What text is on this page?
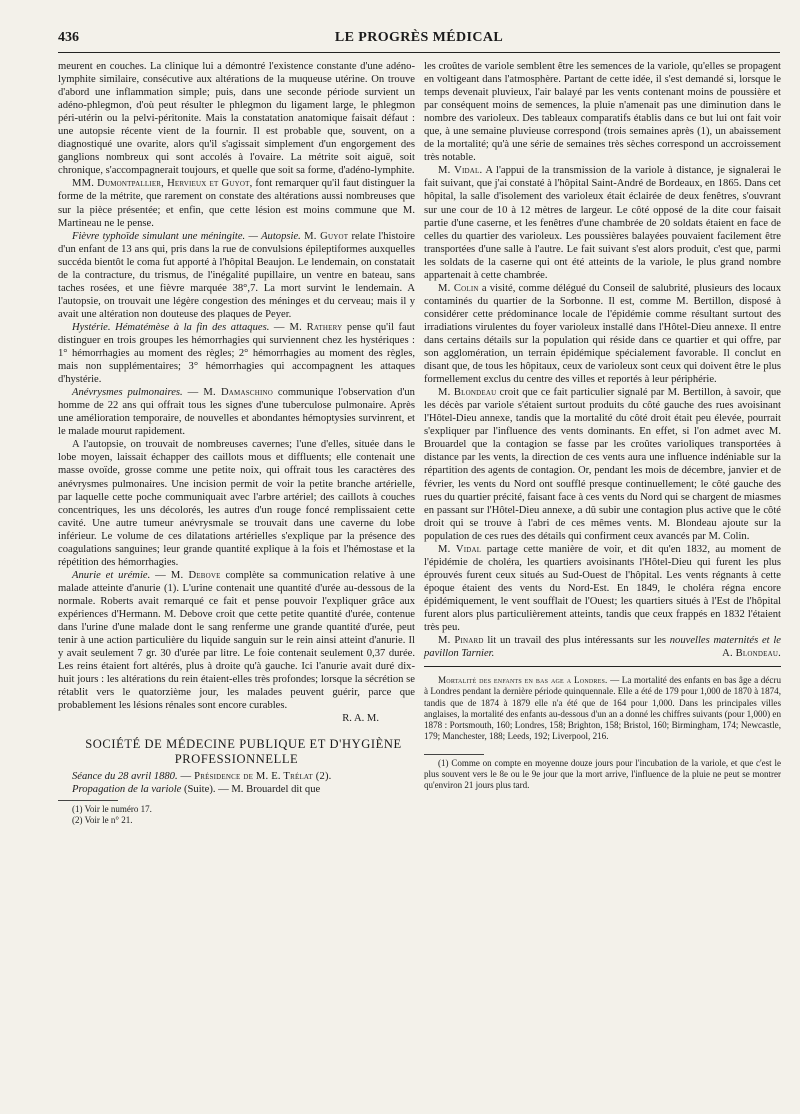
436	LE PROGRÈS MÉDICAL

meurent en couches. La clinique lui a démontré l'existence constante d'une adéno-lymphite similaire, consécutive aux altérations de la muqueuse utérine. On trouve d'abord une inflammation simple; puis, dans une seconde période survient un adéno-phlegmon, d'où peut résulter le phlegmon du ligament large, le phlegmon péri-utérin ou la pelvi-péritonite. Mais la constatation anatomique faisait défaut : une autopsie récente vient de la fournir. Il est probable que, souvent, on a diagnostiqué une ovarite, alors qu'il s'agissait simplement d'un engorgement des ganglions nombreux qui sont accolés à l'ovaire. La métrite soit aiguë, soit chronique, s'accompagnerait toujours, et quelle que soit sa forme, d'adéno-lymphite.

MM. Dumontpallier, Hervieux et Guyot, font remarquer qu'il faut distinguer la forme de la métrite, que rarement on constate des altérations aussi nombreuses que sur la pièce présentée; et enfin, que cette lésion est moins commune que M. Martineau ne le pense.

Fièvre typhoïde simulant une méningite. — Autopsie. M. Guyot relate l'histoire d'un enfant de 13 ans qui, pris dans la rue de convulsions épileptiformes auxquelles succéda bientôt le coma fut apporté à l'hôpital Beaujon. Le lendemain, on constatait de la contracture, du trismus, de l'inégalité pupillaire, un ventre en bateau, sans taches rosées, et une fièvre marquée 38°,7. La mort survint le lendemain. A l'autopsie, on trouvait une légère congestion des méninges et du cerveau; mais il y avait une altération non douteuse des plaques de Peyer.

Hystérie. Hématémèse à la fin des attaques. — M. Rathery pense qu'il faut distinguer en trois groupes les hémorrhagies qui surviennent chez les hystériques : 1° hémorrhagies au moment des règles; 2° hémorrhagies au moment des règles, mais non supplémentaires; 3° hémorrhagies qui accompagnent les attaques d'hystérie.

Anévrysmes pulmonaires. — M. Damaschino communique l'observation d'un homme de 22 ans qui offrait tous les signes d'une tuberculose pulmonaire. Après une amélioration temporaire, de nouvelles et abondantes hémoptysies survinrent, et le malade mourut rapidement.

A l'autopsie, on trouvait de nombreuses cavernes; l'une d'elles, située dans le lobe moyen, laissait échapper des caillots mous et diffluents; elle contenait une masse ovoïde, grosse comme une petite noix, qui offrait tous les caractères des anévrysmes pulmonaires. Une incision permit de voir la petite branche artérielle, par laquelle cette poche communiquait avec l'arbre artériel; des caillots à couches concentriques, les uns décolorés, les autres d'un rouge foncé remplissaient cette cavité. Une autre tumeur anévrysmale se trouvait dans une caverne du lobe inférieur. Le volume de ces dilatations artérielles s'explique par la présence des coagulations sanguines; leur grande quantité explique à la fois et l'hémostase et la répétition des hémorrhagies.

Anurie et urémie. — M. Debove complète sa communication relative à une malade atteinte d'anurie (1). L'urine contenait une quantité d'urée au-dessous de la normale. Roberts avait remarqué ce fait et pense pouvoir l'expliquer grâce aux expériences d'Hermann. M. Debove croit que cette petite quantité d'urée, contenue dans l'urine d'une malade dont le sang renferme une grande quantité d'urée, peut tenir à une action particulière du liquide sanguin sur le rein ainsi atteint d'anurie. Il y avait seulement 7 gr. 30 d'urée par litre. Le foie contenait seulement 0,37 durée. Les reins étaient fort altérés, plus à droite qu'à gauche. Ici l'anurie avait duré dix-huit jours : les altérations du rein étaient-elles très profondes; lorsque la sécrétion se rétablit vers le quatorzième jour, les malades peuvent guérir, parce que probablement les lésions rénales sont encore curables.

R. A. M.

SOCIÉTÉ DE MÉDECINE PUBLIQUE ET D'HYGIÈNE PROFESSIONNELLE

Séance du 28 avril 1880. — Présidence de M. E. Trélat (2).

Propagation de la variole (Suite). — M. Brouardel dit que

(1) Voir le numéro 17.

(2) Voir le n° 21.

les croûtes de variole semblent être les semences de la variole, qu'elles se propagent en voltigeant dans l'atmosphère. Partant de cette idée, il s'est demandé si, lorsque le temps devenait pluvieux, l'air balayé par les vents contenant moins de poussière et par conséquent moins de semences, la pluie n'amenait pas une diminution dans le nombre des varioleux. Des tableaux comparatifs établis dans ce but lui ont fait voir que, à une semaine pluvieuse correspond (trois semaines après (1), un abaissement de la mortalité; qu'à une série de semaines très sèches correspond un accroissement très notable.

M. Vidal. A l'appui de la transmission de la variole à distance, je signalerai le fait suivant, que j'ai constaté à l'hôpital Saint-André de Bordeaux, en 1865. Dans cet hôpital, la salle d'isolement des varioleux était éclairée de deux fenêtres, s'ouvrant sur une cour de 10 à 12 mètres de largeur. Le côté opposé de la dite cour faisait partie d'une caserne, et les fenêtres d'une chambrée de 20 soldats étaient en face de celles du quartier des varioleux. Les poussières balayées pouvaient facilement être transportées d'une salle à l'autre. Le fait suivant s'est alors produit, c'est que, parmi les soldats de la caserne qui ont été atteints de la variole, le plus grand nombre appartenait à cette chambrée.

M. Colin a visité, comme délégué du Conseil de salubrité, plusieurs des locaux contaminés du quartier de la Sorbonne. Il est, comme M. Bertillon, disposé à considérer cette prédominance locale de l'épidémie comme résultant surtout des irradiations virulentes du foyer varioleux installé dans l'Hôtel-Dieu annexe. Il entre dans certains détails sur la population qui réside dans ce quartier et qui offre, par son agglomération, un terrain épidémique spécialement favorable. Il conclut en disant que, de tous les hôpitaux, ceux de varioleux sont ceux qui doivent être le plus formellement exclus du centre des villes et reportés à leur périphérie.

M. Blondeau croit que ce fait particulier signalé par M. Bertillon, à savoir, que les décès par variole s'étaient surtout produits du côté gauche des rues avoisinant l'Hôtel-Dieu annexe, tandis que la mortalité du côté droit était peu élevée, pourrait s'expliquer par l'influence des vents dominants. En effet, si l'on admet avec M. Brouardel que la contagion se fasse par les croûtes varioliques transportées à distance par les vents, la direction de ces vents aura une influence indéniable sur la répartition des agents de contagion. Or, pendant les mois de décembre, janvier et de février, les vents du Nord ont soufflé presque continuellement; le côté gauche des rues du quartier précité, faisant face à ces vents du Nord qui se chargent de miasmes en passant sur l'Hôtel-Dieu annexe, a dû subir une contagion plus active que le côté droit qui se trouve à l'abri de ces mêmes vents. M. Blondeau ajoute sur la population de ces rues des détails qui confirment ceux avancés par M. Colin.

M. Vidal partage cette manière de voir, et dit qu'en 1832, au moment de l'épidémie de choléra, les quartiers avoisinants l'Hôtel-Dieu qui furent les plus éprouvés furent ceux situés au Sud-Ouest de l'hôpital. Les vents régnants à cette époque étaient des vents du Nord-Est. En 1849, le choléra régna encore épidémiquement, le vent soufflait de l'Ouest; les quartiers situés à l'Est de l'hôpital furent alors plus particulièrement atteints, tandis que ceux frappés en 1832 l'étaient très peu.

M. Pinard lit un travail des plus intéressants sur les nouvelles maternités et le pavillon Tarnier.	A. Blondeau.

Mortalité des enfants en bas age a Londres. — La mortalité des enfants en bas âge a décru à Londres pendant la dernière période quinquennale. Elle a été de 179 pour 1,000 de 1870 à 1874, tandis que de 1874 à 1879 elle n'a été que de 164 pour 1,000. Dans les principales villes anglaises, la mortalité des enfants au-dessous d'un an a donné les chiffres suivants (pour 1,000) en 1878 : Portsmouth, 160; Londres, 158; Brighton, 158; Bristol, 160; Birmingham, 174; Newcastle, 179; Manchester, 188; Leeds, 192; Liverpool, 216.

(1) Comme on compte en moyenne douze jours pour l'incubation de la variole, et que c'est le plus souvent vers le 8e ou le 9e jour que la mort arrive, l'influence de la pluie ne peut se montrer qu'environ 21 jours plus tard.
